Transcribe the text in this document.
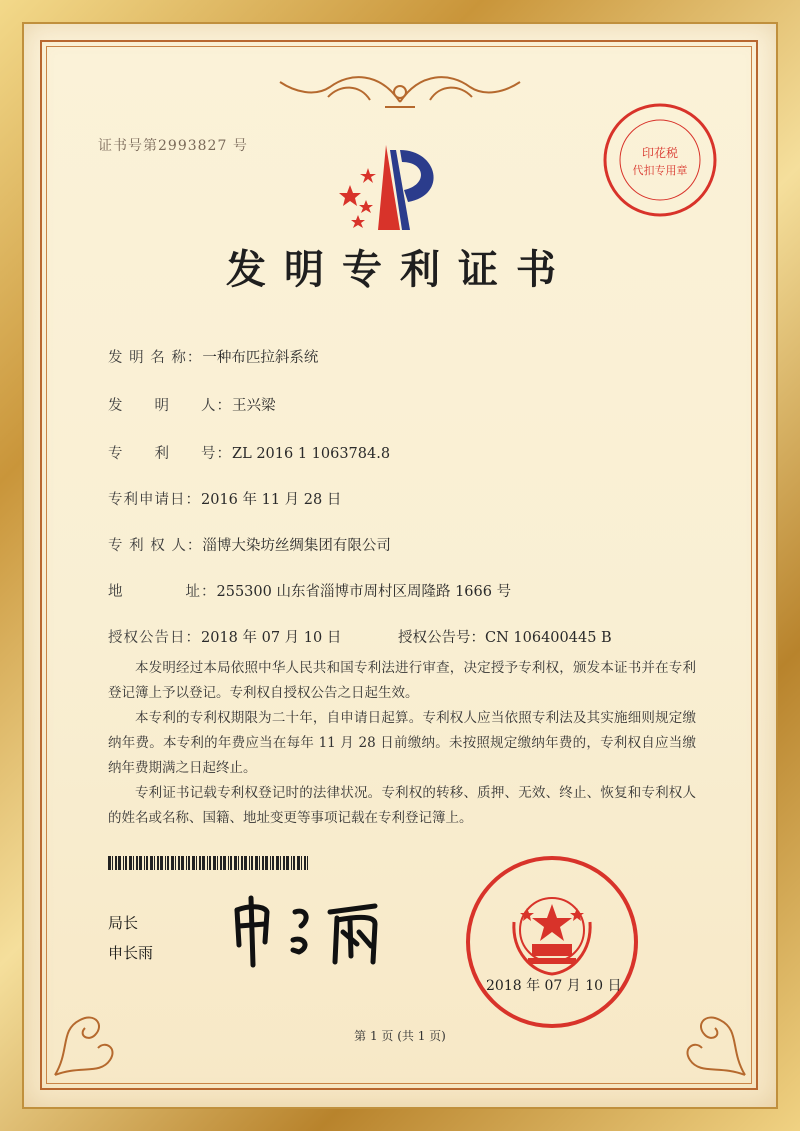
证书号第2993827 号	印花税
代扣专用章
发明专利证书
发 明 名 称：一种布匹拉斜系统
发　　明　　人：王兴梁
专　　利　　号：ZL 2016 1 1063784.8
专利申请日：2016 年 11 月 28 日
专 利 权 人：淄博大染坊丝绸集团有限公司
地　　　　址：255300 山东省淄博市周村区周隆路 1666 号
授权公告日：2018 年 07 月 10 日	授权公告号：CN 106400445 B

本发明经过本局依照中华人民共和国专利法进行审查，决定授予专利权，颁发本证书并在专利登记簿上予以登记。专利权自授权公告之日起生效。

本专利的专利权期限为二十年，自申请日起算。专利权人应当依照专利法及其实施细则规定缴纳年费。本专利的年费应当在每年 11 月 28 日前缴纳。未按照规定缴纳年费的，专利权自应当缴纳年费期满之日起终止。

专利证书记载专利权登记时的法律状况。专利权的转移、质押、无效、终止、恢复和专利权人的姓名或名称、国籍、地址变更等事项记载在专利登记簿上。

局长
申长雨
2018 年 07 月 10 日
第 1 页 (共 1 页)
